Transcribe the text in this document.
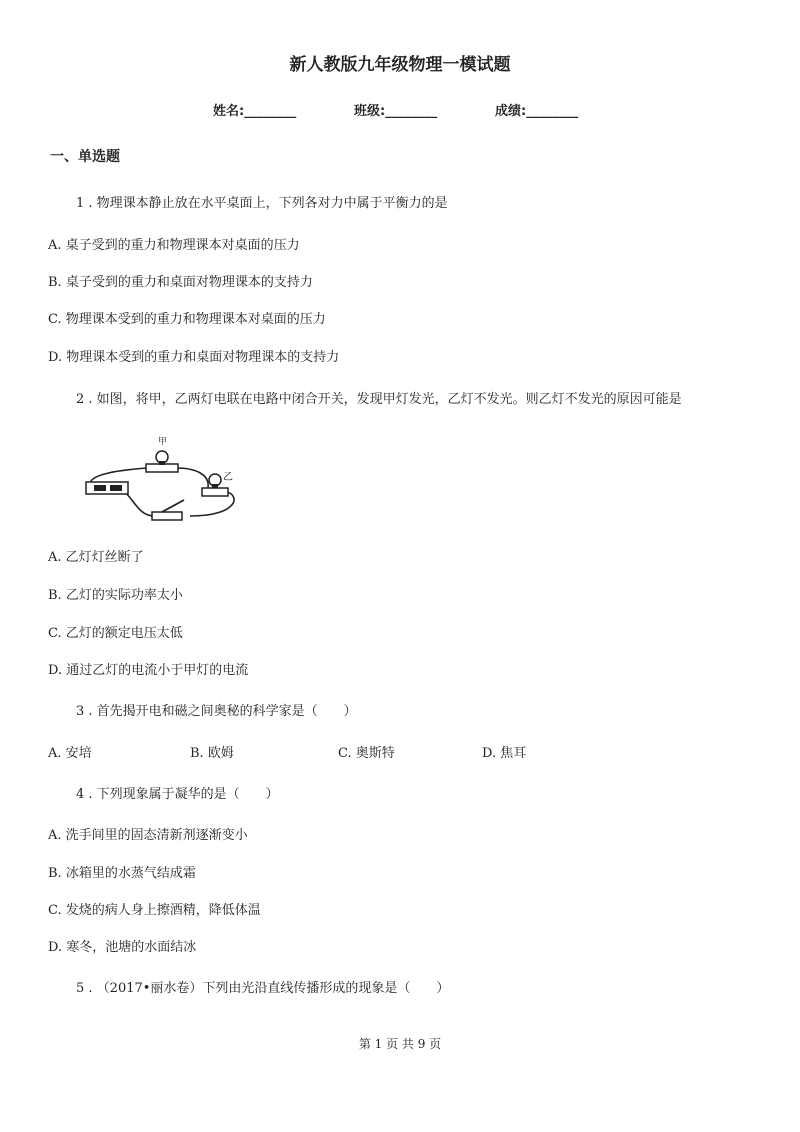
新人教版九年级物理一模试题
姓名:________	班级:________	成绩:________
一、单选题
1 . 物理课本静止放在水平桌面上，下列各对力中属于平衡力的是
A. 桌子受到的重力和物理课本对桌面的压力
B. 桌子受到的重力和桌面对物理课本的支持力
C. 物理课本受到的重力和物理课本对桌面的压力
D. 物理课本受到的重力和桌面对物理课本的支持力
2 . 如图，将甲，乙两灯电联在电路中闭合开关，发现甲灯发光，乙灯不发光。则乙灯不发光的原因可能是
甲
乙
A. 乙灯灯丝断了
B. 乙灯的实际功率太小
C. 乙灯的额定电压太低
D. 通过乙灯的电流小于甲灯的电流
3 . 首先揭开电和磁之间奥秘的科学家是（　　）
A. 安培	B. 欧姆	C. 奥斯特	D. 焦耳
4 . 下列现象属于凝华的是（　　）
A. 洗手间里的固态清新剂逐渐变小
B. 冰箱里的水蒸气结成霜
C. 发烧的病人身上擦酒精，降低体温
D. 寒冬，池塘的水面结冰
5 . （2017•丽水卷）下列由光沿直线传播形成的现象是（　　）
第 1 页 共 9 页
